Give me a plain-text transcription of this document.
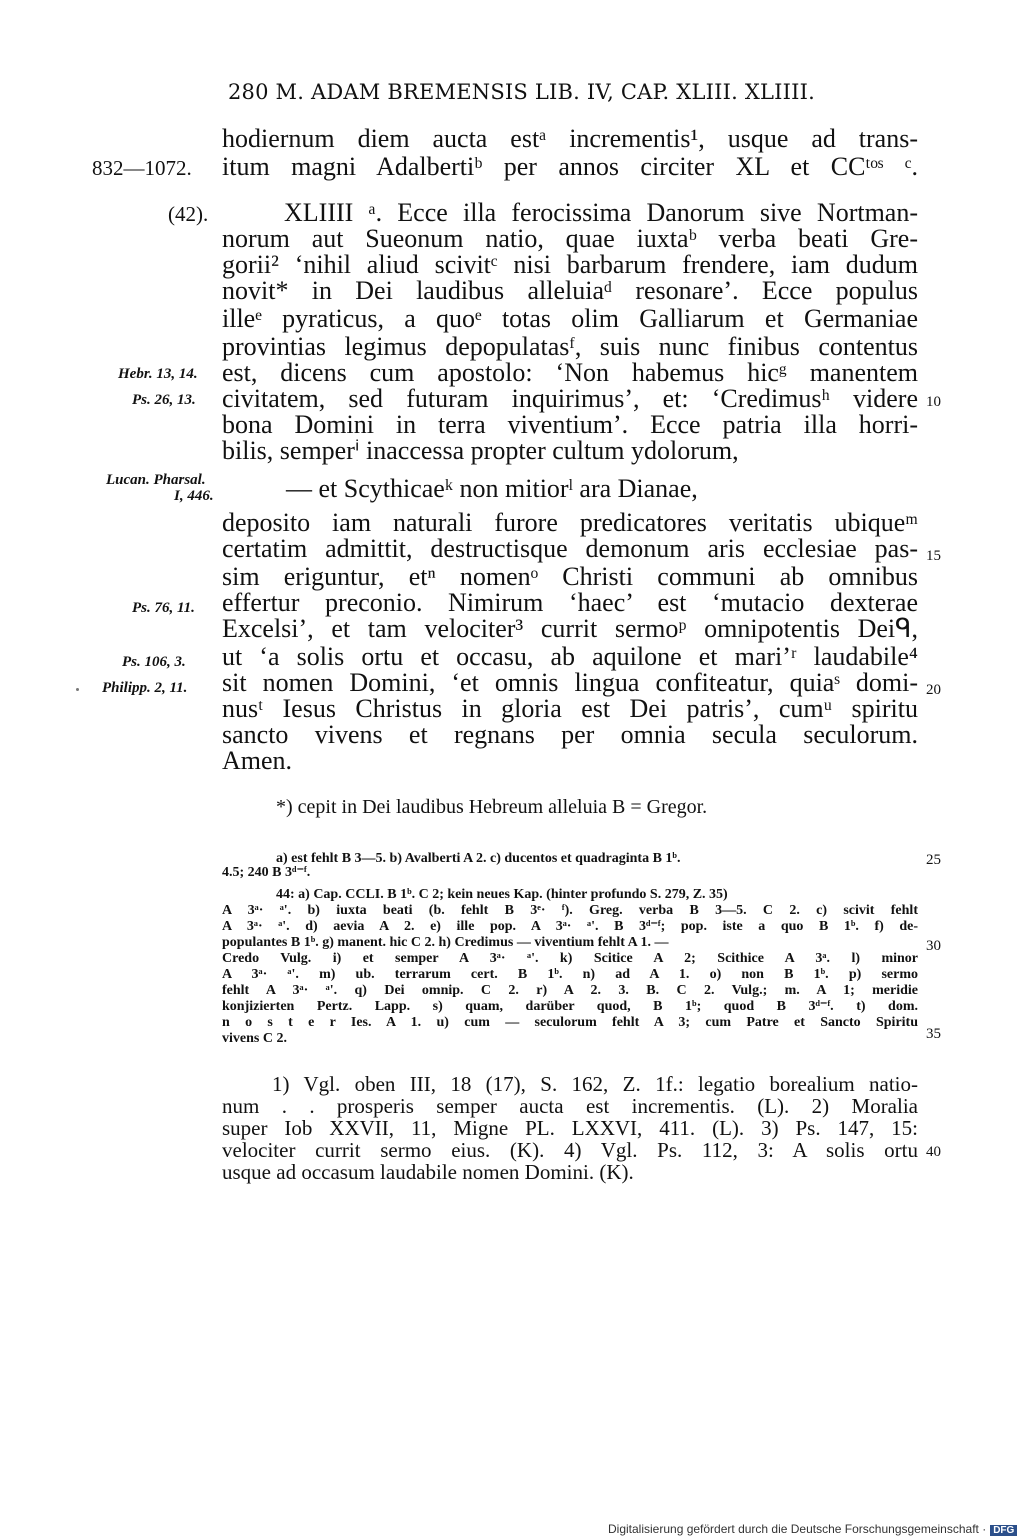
280 M. ADAM BREMENSIS LIB. IV, CAP. XLIII. XLIIII.
832—1072.
(42).
Hebr. 13, 14.
Ps. 26, 13.
Lucan. Pharsal.
I, 446.
Ps. 76, 11.
Ps. 106, 3.
Philipp. 2, 11.
10
15
20
25
30
35
40
hodiernum diem aucta estᵃ incrementis¹, usque ad trans-
itum magni Adalbertiᵇ per annos circiter XL et CCᵗᵒˢ ᶜ.
XLIIII ᵃ. Ecce illa ferocissima Danorum sive Nortman-
norum aut Sueonum natio, quae iuxtaᵇ verba beati Gre-
gorii² ‘nihil aliud scivitᶜ nisi barbarum frendere, iam dudum
novit* in Dei laudibus alleluiaᵈ resonare’. Ecce populus
illeᵉ pyraticus, a quoᵉ totas olim Galliarum et Germaniae
provintias legimus depopulatasᶠ, suis nunc finibus contentus
est, dicens cum apostolo: ‘Non habemus hicᵍ manentem
civitatem, sed futuram inquirimus’, et: ‘Credimusʰ videre
bona Domini in terra viventium’. Ecce patria illa horri-
bilis, semperⁱ inaccessa propter cultum ydolorum,
— et Scythicaeᵏ non mitiorˡ ara Dianae,
deposito iam naturali furore predicatores veritatis ubiqueᵐ
certatim admittit, destructisque demonum aris ecclesiae pas-
sim eriguntur, etⁿ nomenᵒ Christi communi ab omnibus
effertur preconio. Nimirum ‘haec’ est ‘mutacio dexterae
Excelsi’, et tam velociter³ currit sermoᵖ omnipotentis Deiᑫ,
ut ‘a solis ortu et occasu, ab aquilone et mari’ʳ laudabile⁴
sit nomen Domini, ‘et omnis lingua confiteatur, quiaˢ domi-
nusᵗ Iesus Christus in gloria est Dei patris’, cumᵘ spiritu
sancto vivens et regnans per omnia secula seculorum.
Amen.
*) cepit in Dei laudibus Hebreum alleluia B = Gregor.
a) est fehlt B 3—5. b) Avalberti A 2. c) ducentos et quadraginta B 1ᵇ.
4.5; 240 B 3ᵈ⁻ᶠ.
44: a) Cap. CCLI. B 1ᵇ. C 2; kein neues Kap. (hinter profundo S. 279, Z. 35)
A 3ᵃ· ᵃ'. b) iuxta beati (b. fehlt B 3ᵉ· ᶠ). Greg. verba B 3—5. C 2. c) scivit fehlt
A 3ᵃ· ᵃ'. d) aevia A 2. e) ille pop. A 3ᵃ· ᵃ'. B 3ᵈ⁻ᶠ; pop. iste a quo B 1ᵇ. f) de-
populantes B 1ᵇ. g) manent. hic C 2. h) Credimus — viventium fehlt A 1. —
Credo Vulg. i) et semper A 3ᵃ· ᵃ'. k) Scitice A 2; Scithice A 3ᵃ. l) minor
A 3ᵃ· ᵃ'. m) ub. terrarum cert. B 1ᵇ. n) ad A 1. o) non B 1ᵇ. p) sermo
fehlt A 3ᵃ· ᵃ'. q) Dei omnip. C 2. r) A 2. 3. B. C 2. Vulg.; m. A 1; meridie
konjizierten Pertz. Lapp. s) quam, darüber quod, B 1ᵇ; quod B 3ᵈ⁻ᶠ. t) dom.
n o s t e r Ies. A 1. u) cum — seculorum fehlt A 3; cum Patre et Sancto Spiritu
vivens C 2.
1) Vgl. oben III, 18 (17), S. 162, Z. 1f.: legatio borealium natio-
num . . prosperis semper aucta est incrementis. (L). 2) Moralia
super Iob XXVII, 11, Migne PL. LXXVI, 411. (L). 3) Ps. 147, 15:
velociter currit sermo eius. (K). 4) Vgl. Ps. 112, 3: A solis ortu
usque ad occasum laudabile nomen Domini. (K).
Digitalisierung gefördert durch die Deutsche Forschungsgemeinschaft · DFG
